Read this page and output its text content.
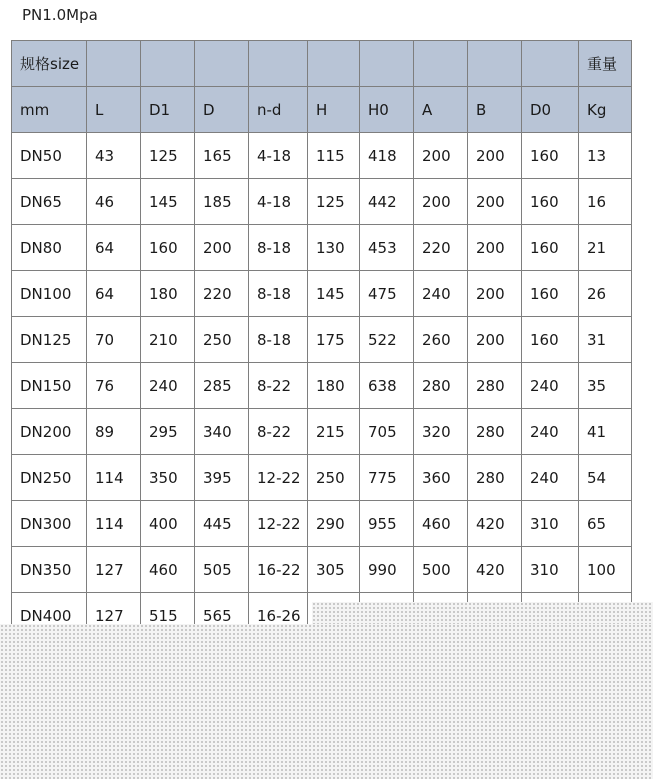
PN1.0Mpa
规格size										重量
mm	L	D1	D	n-d	H	H0	A	B	D0	Kg
DN50	43	125	165	4-18	115	418	200	200	160	13
DN65	46	145	185	4-18	125	442	200	200	160	16
DN80	64	160	200	8-18	130	453	220	200	160	21
DN100	64	180	220	8-18	145	475	240	200	160	26
DN125	70	210	250	8-18	175	522	260	200	160	31
DN150	76	240	285	8-22	180	638	280	280	240	35
DN200	89	295	340	8-22	215	705	320	280	240	41
DN250	114	350	395	12-22	250	775	360	280	240	54
DN300	114	400	445	12-22	290	955	460	420	310	65
DN350	127	460	505	16-22	305	990	500	420	310	100
DN400	127	515	565	16-26						
